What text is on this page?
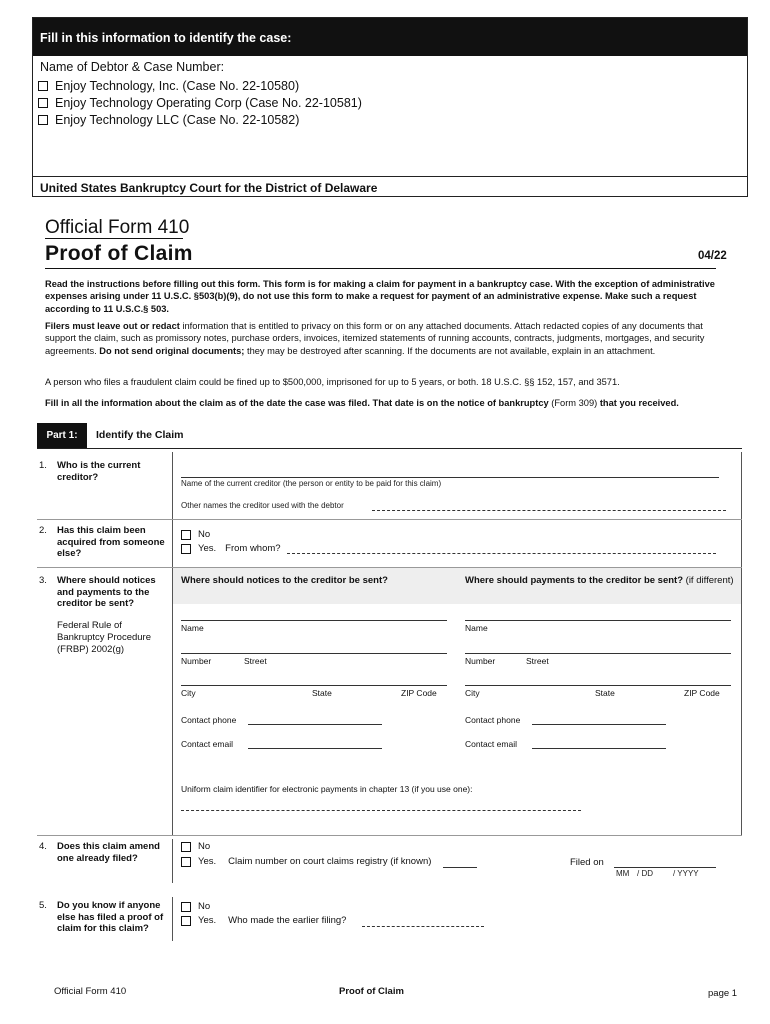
Fill in this information to identify the case:
Name of Debtor & Case Number:
Enjoy Technology, Inc. (Case No. 22-10580)
Enjoy Technology Operating Corp (Case No. 22-10581)
Enjoy Technology LLC (Case No. 22-10582)
United States Bankruptcy Court for the District of Delaware
Official Form 410
Proof of Claim	04/22
Read the instructions before filling out this form. This form is for making a claim for payment in a bankruptcy case. With the exception of administrative expenses arising under 11 U.S.C. §503(b)(9), do not use this form to make a request for payment of an administrative expense. Make such a request according to 11 U.S.C.§ 503.
Filers must leave out or redact information that is entitled to privacy on this form or on any attached documents. Attach redacted copies of any documents that support the claim, such as promissory notes, purchase orders, invoices, itemized statements of running accounts, contracts, judgments, mortgages, and security agreements. Do not send original documents; they may be destroyed after scanning. If the documents are not available, explain in an attachment.
A person who files a fraudulent claim could be fined up to $500,000, imprisoned for up to 5 years, or both. 18 U.S.C. §§ 152, 157, and 3571.
Fill in all the information about the claim as of the date the case was filed. That date is on the notice of bankruptcy (Form 309) that you received.
Part 1:	Identify the Claim
1. Who is the current creditor?
Name of the current creditor (the person or entity to be paid for this claim)
Other names the creditor used with the debtor
2. Has this claim been acquired from someone else?
No
Yes. From whom?
3. Where should notices and payments to the creditor be sent?
Federal Rule of Bankruptcy Procedure (FRBP) 2002(g)
Where should notices to the creditor be sent?	Where should payments to the creditor be sent? (if different)
Name
Number	Street
City	State	ZIP Code
Contact phone
Contact email
Name
Number	Street
City	State	ZIP Code
Contact phone
Contact email
Uniform claim identifier for electronic payments in chapter 13 (if you use one):
4. Does this claim amend one already filed?
No
Yes. Claim number on court claims registry (if known)	Filed on
MM / DD	/ YYYY
5. Do you know if anyone else has filed a proof of claim for this claim?
No
Yes. Who made the earlier filing?
Official Form 410	Proof of Claim	page 1
